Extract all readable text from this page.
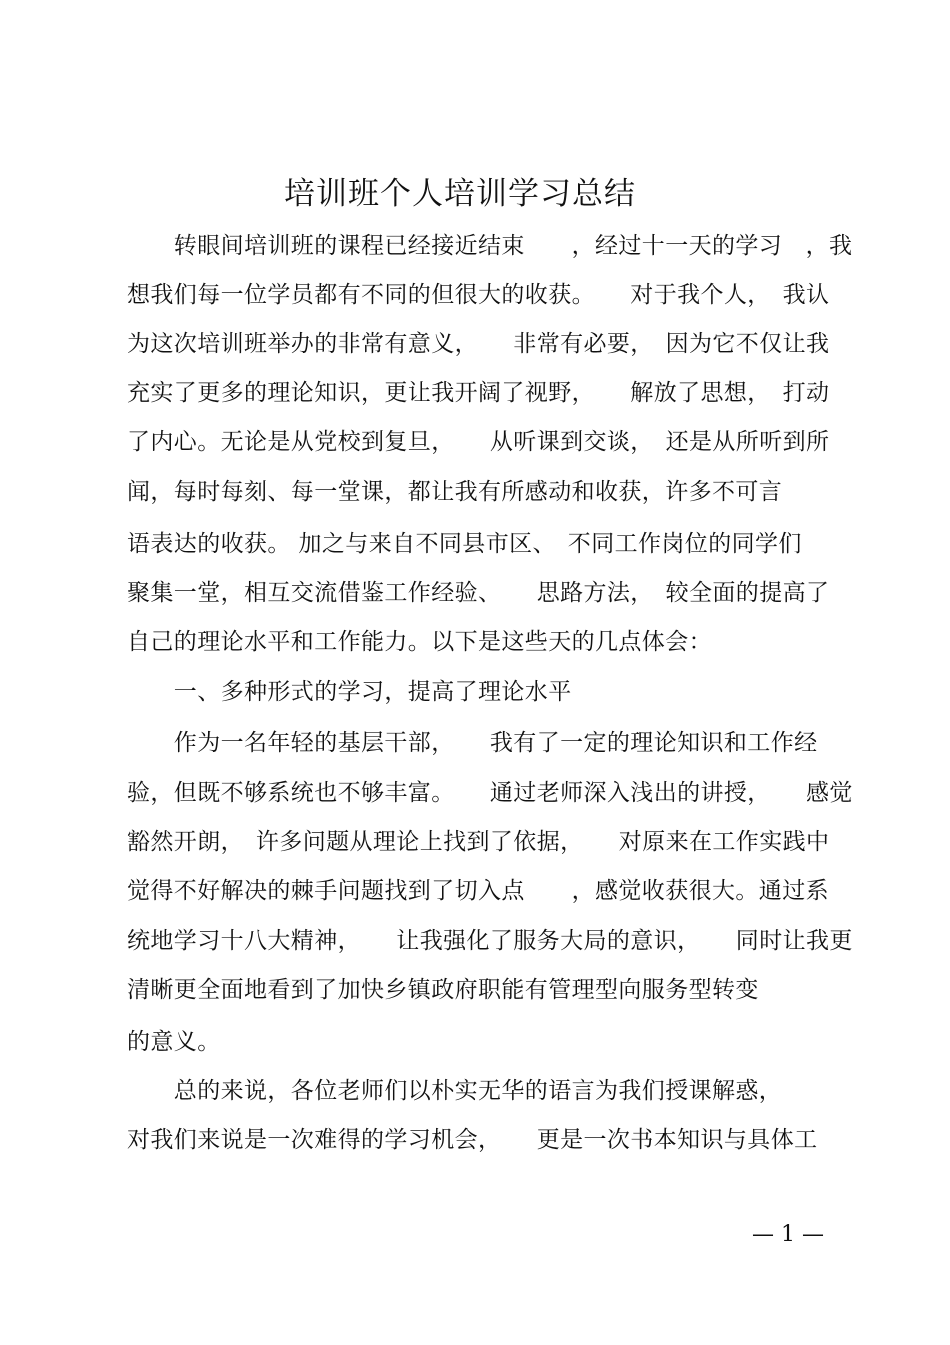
培训班个人培训学习总结
　　转眼间培训班的课程已经接近结束　　，经过十一天的学习　，我
想我们每一位学员都有不同的但很大的收获。　　对于我个人，　我认
为这次培训班举办的非常有意义，　　非常有必要，　因为它不仅让我
充实了更多的理论知识，更让我开阔了视野，　　解放了思想，　打动
了内心。无论是从党校到复旦，　　从听课到交谈，　还是从所听到所
闻，每时每刻、每一堂课，都让我有所感动和收获，许多不可言
语表达的收获。 加之与来自不同县市区、　不同工作岗位的同学们
聚集一堂，相互交流借鉴工作经验、　　思路方法，　较全面的提高了
自己的理论水平和工作能力。以下是这些天的几点体会：
　　一、多种形式的学习，提高了理论水平
　　作为一名年轻的基层干部，　　我有了一定的理论知识和工作经
验，但既不够系统也不够丰富。　　通过老师深入浅出的讲授，　　感觉
豁然开朗，　许多问题从理论上找到了依据，　　对原来在工作实践中
觉得不好解决的棘手问题找到了切入点　　，感觉收获很大。通过系
统地学习十八大精神，　　让我强化了服务大局的意识，　　同时让我更
清晰更全面地看到了加快乡镇政府职能有管理型向服务型转变
的意义。
　　总的来说，各位老师们以朴实无华的语言为我们授课解惑，
对我们来说是一次难得的学习机会，　　更是一次书本知识与具体工
— 1 —
